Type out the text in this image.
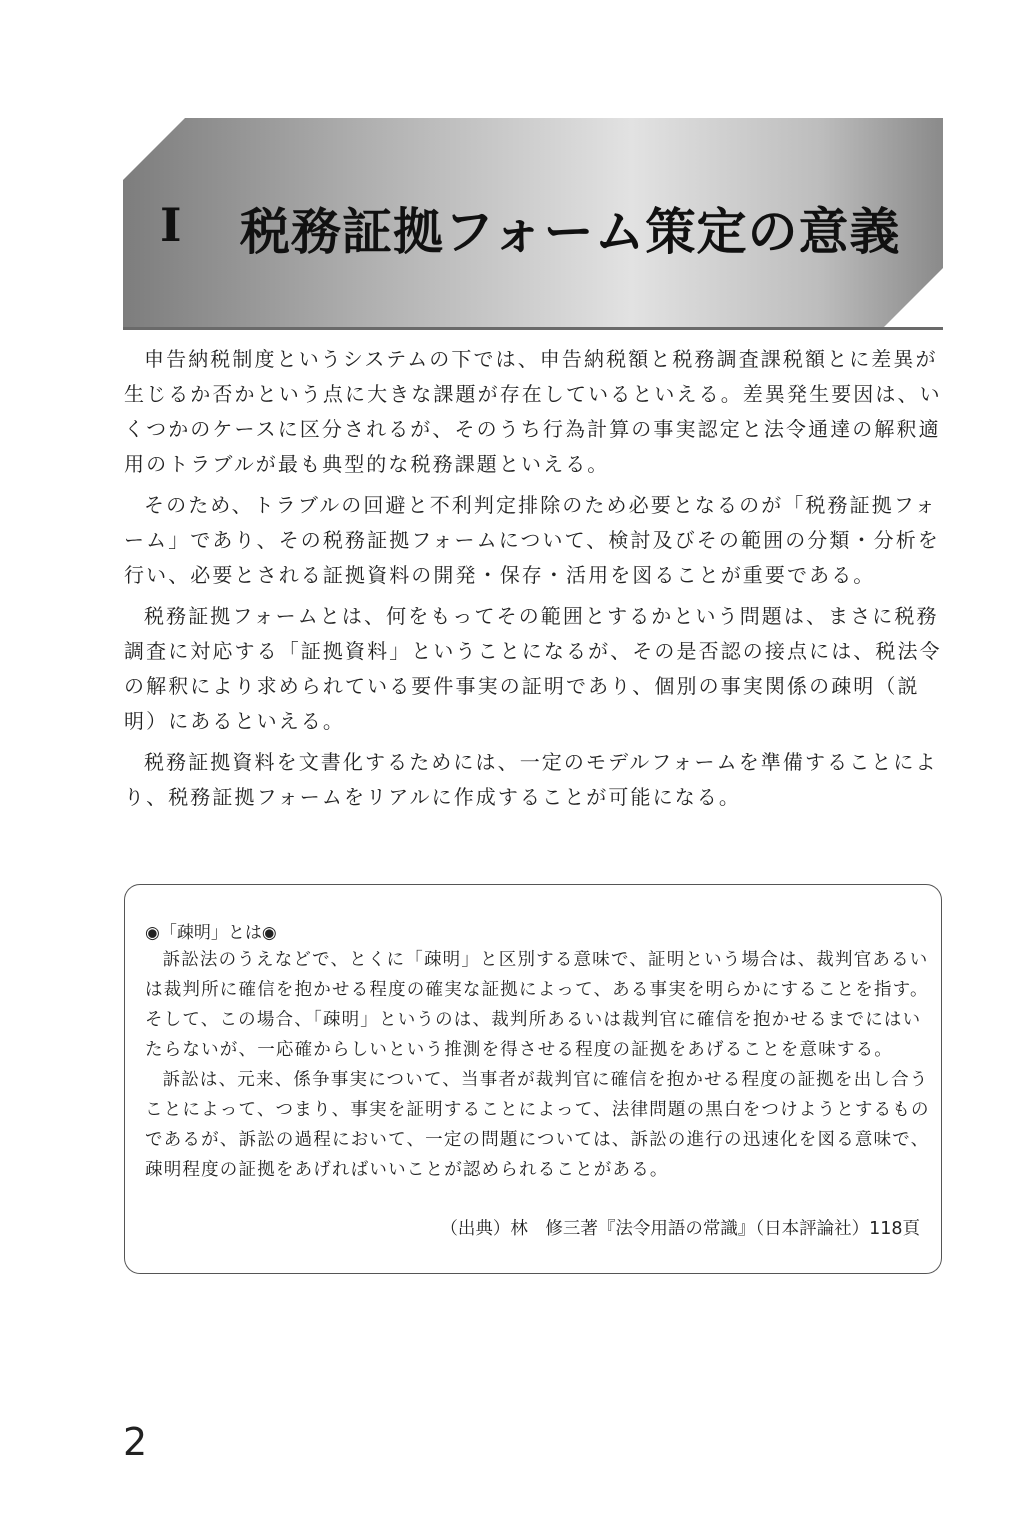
I 税務証拠フォーム策定の意義

申告納税制度というシステムの下では、申告納税額と税務調査課税額とに差異が生じるか否かという点に大きな課題が存在しているといえる。差異発生要因は、いくつかのケースに区分されるが、そのうち行為計算の事実認定と法令通達の解釈適用のトラブルが最も典型的な税務課題といえる。

そのため、トラブルの回避と不利判定排除のため必要となるのが「税務証拠フォーム」であり、その税務証拠フォームについて、検討及びその範囲の分類・分析を行い、必要とされる証拠資料の開発・保存・活用を図ることが重要である。

税務証拠フォームとは、何をもってその範囲とするかという問題は、まさに税務調査に対応する「証拠資料」ということになるが、その是否認の接点には、税法令の解釈により求められている要件事実の証明であり、個別の事実関係の疎明（説明）にあるといえる。

税務証拠資料を文書化するためには、一定のモデルフォームを準備することにより、税務証拠フォームをリアルに作成することが可能になる。

◉「疎明」とは◉

訴訟法のうえなどで、とくに「疎明」と区別する意味で、証明という場合は、裁判官あるいは裁判所に確信を抱かせる程度の確実な証拠によって、ある事実を明らかにすることを指す。そして、この場合、「疎明」というのは、裁判所あるいは裁判官に確信を抱かせるまでにはいたらないが、一応確からしいという推測を得させる程度の証拠をあげることを意味する。

訴訟は、元来、係争事実について、当事者が裁判官に確信を抱かせる程度の証拠を出し合うことによって、つまり、事実を証明することによって、法律問題の黒白をつけようとするものであるが、訴訟の過程において、一定の問題については、訴訟の進行の迅速化を図る意味で、疎明程度の証拠をあげればいいことが認められることがある。

（出典）林　修三著『法令用語の常識』（日本評論社）118頁
2
